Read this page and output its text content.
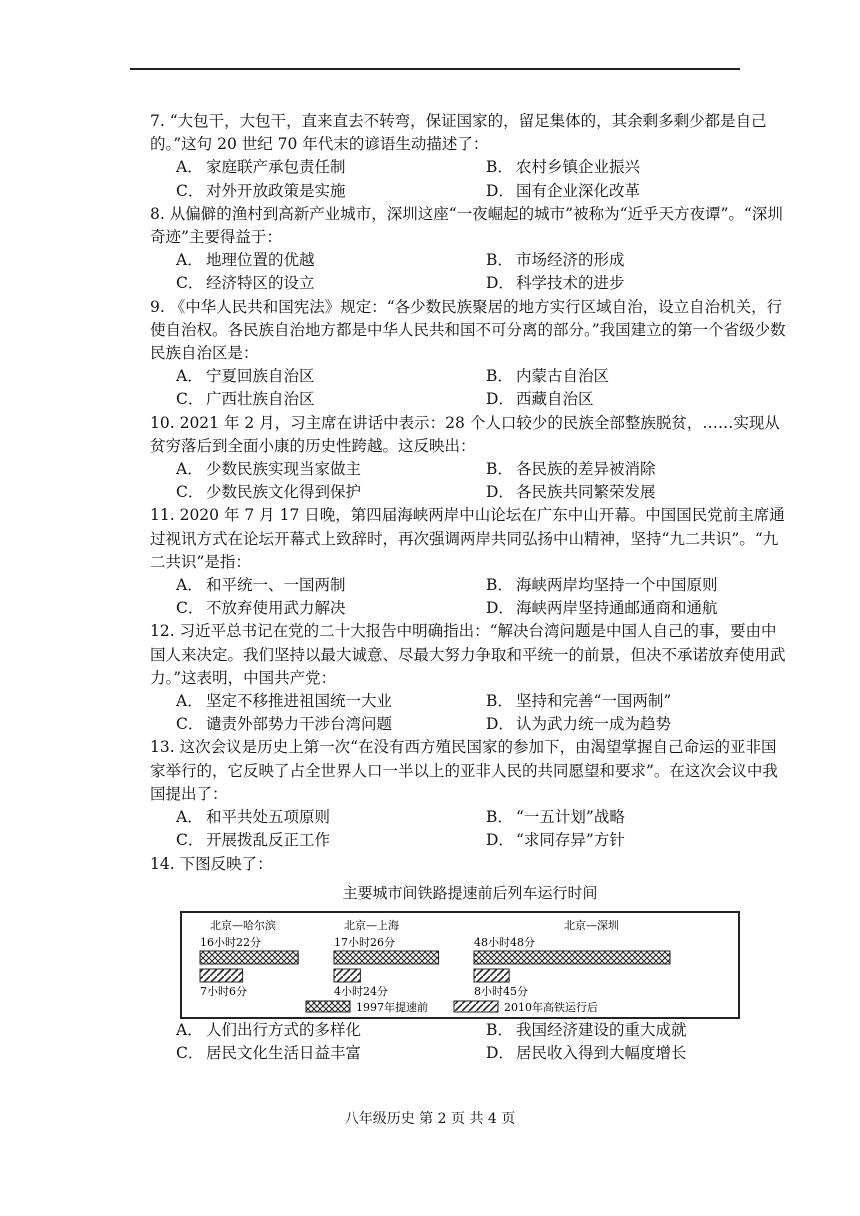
7. “大包干，大包干，直来直去不转弯，保证国家的，留足集体的，其余剩多剩少都是自己的。”这句 20 世纪 70 年代末的谚语生动描述了：
A． 家庭联产承包责任制	B． 农村乡镇企业振兴
C． 对外开放政策是实施	D． 国有企业深化改革
8. 从偏僻的渔村到高新产业城市，深圳这座“一夜崛起的城市”被称为“近乎天方夜谭”。“深圳奇迹”主要得益于：
A． 地理位置的优越	B． 市场经济的形成
C． 经济特区的设立	D． 科学技术的进步
9. 《中华人民共和国宪法》规定：“各少数民族聚居的地方实行区域自治，设立自治机关，行使自治权。各民族自治地方都是中华人民共和国不可分离的部分。”我国建立的第一个省级少数民族自治区是：
A． 宁夏回族自治区	B． 内蒙古自治区
C． 广西壮族自治区	D． 西藏自治区
10. 2021 年 2 月，习主席在讲话中表示：28 个人口较少的民族全部整族脱贫，……实现从贫穷落后到全面小康的历史性跨越。这反映出：
A． 少数民族实现当家做主	B． 各民族的差异被消除
C． 少数民族文化得到保护	D． 各民族共同繁荣发展
11. 2020 年 7 月 17 日晚，第四届海峡两岸中山论坛在广东中山开幕。中国国民党前主席通过视讯方式在论坛开幕式上致辞时，再次强调两岸共同弘扬中山精神，坚持“九二共识”。“九二共识”是指：
A． 和平统一、一国两制	B． 海峡两岸均坚持一个中国原则
C． 不放弃使用武力解决	D． 海峡两岸坚持通邮通商和通航
12. 习近平总书记在党的二十大报告中明确指出：“解决台湾问题是中国人自己的事，要由中国人来决定。我们坚持以最大诚意、尽最大努力争取和平统一的前景，但决不承诺放弃使用武力。”这表明，中国共产党：
A． 坚定不移推进祖国统一大业	B． 坚持和完善“一国两制”
C． 谴责外部势力干涉台湾问题	D． 认为武力统一成为趋势
13. 这次会议是历史上第一次“在没有西方殖民国家的参加下，由渴望掌握自己命运的亚非国家举行的，它反映了占全世界人口一半以上的亚非人民的共同愿望和要求”。在这次会议中我国提出了：
A． 和平共处五项原则	B． “一五计划”战略
C． 开展拨乱反正工作	D． “求同存异”方针
14. 下图反映了：
主要城市间铁路提速前后列车运行时间
北京—哈尔滨
16小时22分
7小时6分
北京—上海
17小时26分
4小时24分
北京—深圳
48小时48分
8小时45分
1997年提速前	2010年高铁运行后
A． 人们出行方式的多样化	B． 我国经济建设的重大成就
C． 居民文化生活日益丰富	D． 居民收入得到大幅度增长
八年级历史 第 2 页 共 4 页
